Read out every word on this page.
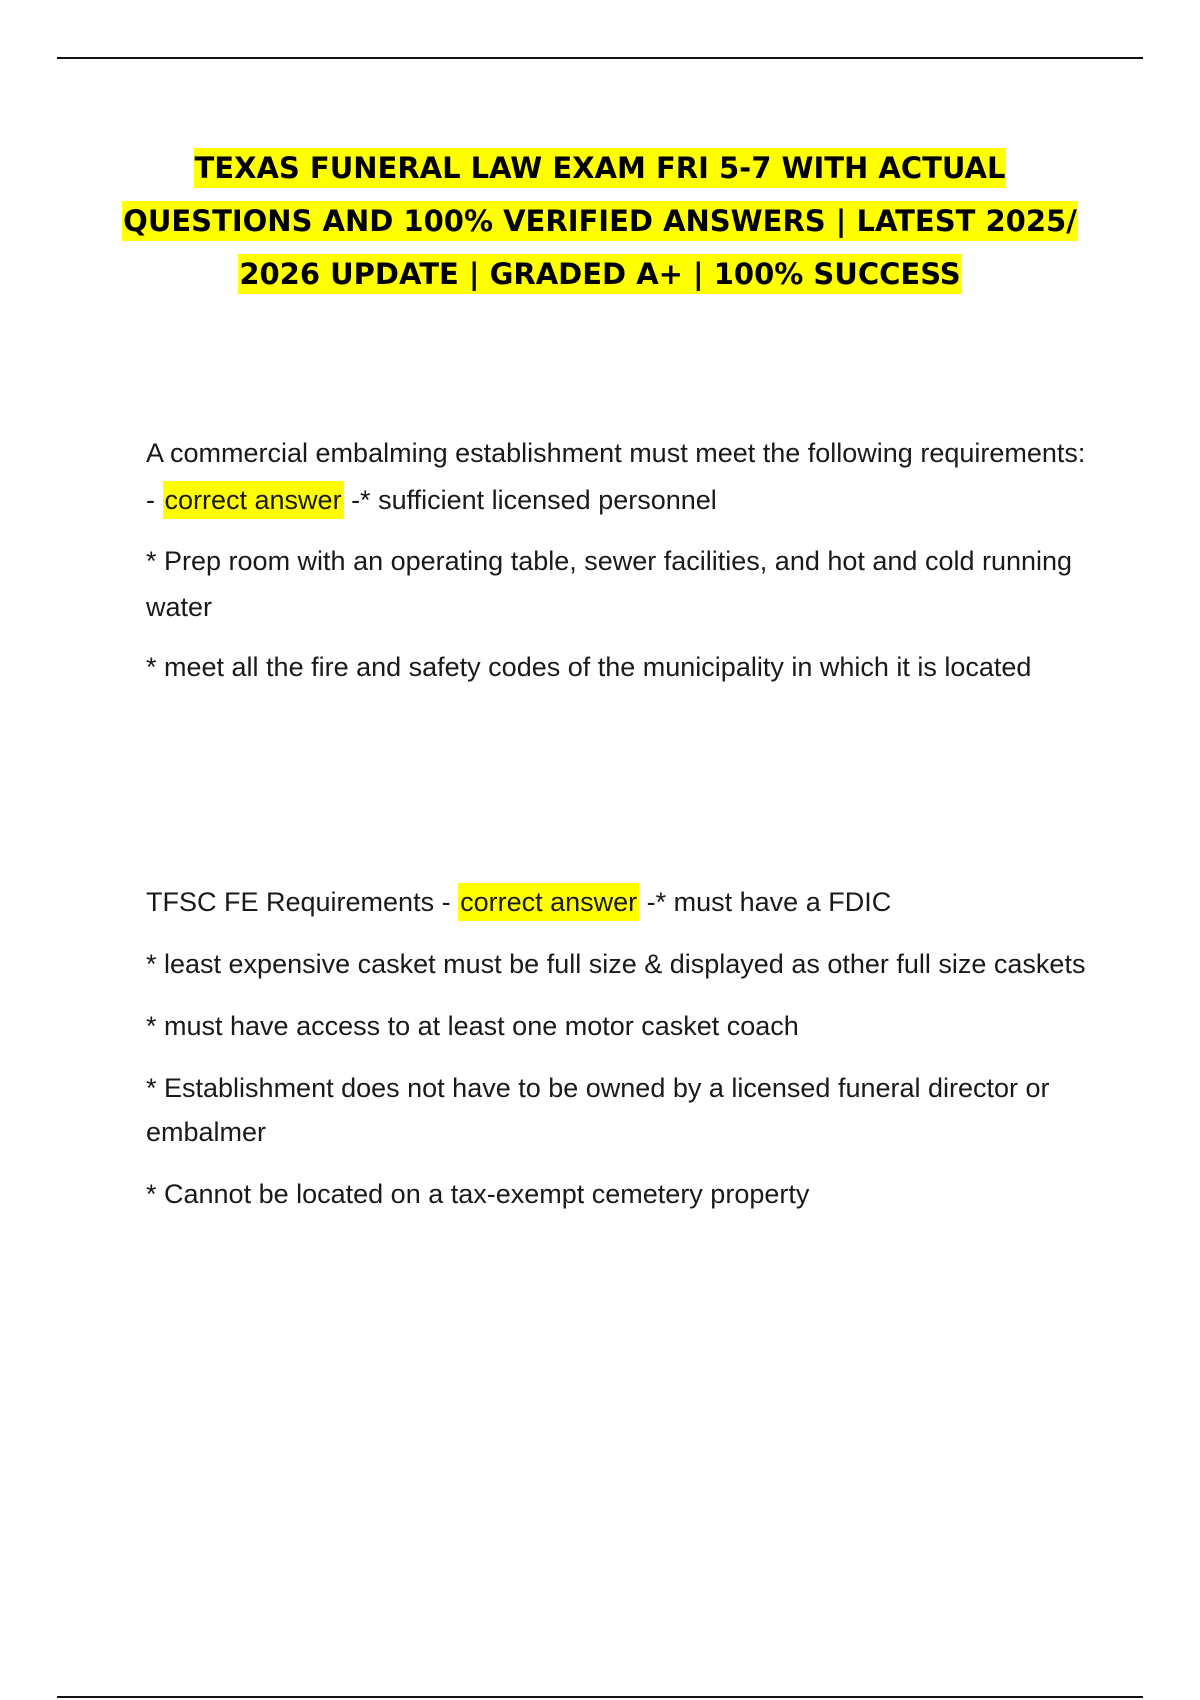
TEXAS FUNERAL LAW EXAM FRI 5-7 WITH ACTUAL QUESTIONS AND 100% VERIFIED ANSWERS | LATEST 2025/ 2026 UPDATE | GRADED A+ | 100% SUCCESS

A commercial embalming establishment must meet the following requirements: - correct answer -* sufficient licensed personnel

* Prep room with an operating table, sewer facilities, and hot and cold running water

* meet all the fire and safety codes of the municipality in which it is located

TFSC FE Requirements - correct answer -* must have a FDIC

* least expensive casket must be full size & displayed as other full size caskets

* must have access to at least one motor casket coach

* Establishment does not have to be owned by a licensed funeral director or embalmer

* Cannot be located on a tax-exempt cemetery property
